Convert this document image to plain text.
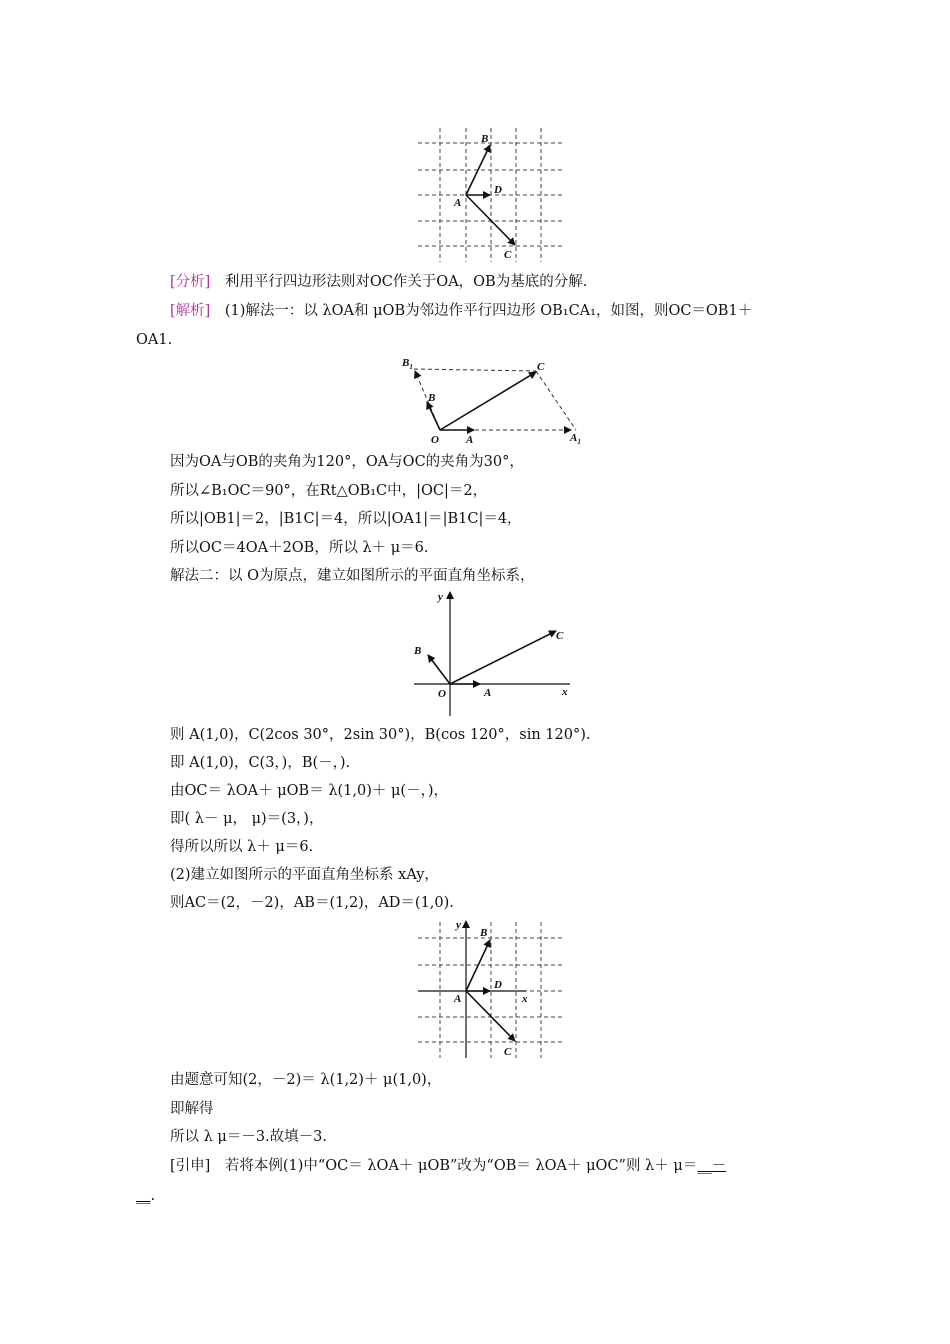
B
A
D
C
[分析]　利用平行四边形法则对OC作关于OA，OB为基底的分解.
[解析]　(1)解法一：以 λOA和 μOB为邻边作平行四边形 OB₁CA₁，如图，则OC＝OB1＋
OA1.
$B_1$	C
B
O A	$A_1$
因为OA与OB的夹角为120°，OA与OC的夹角为30°，
所以∠B₁OC＝90°，在Rt△OB₁C中，|OC|＝2，
所以|OB1|＝2，|B1C|＝4，所以|OA1|＝|B1C|＝4，
所以OC＝4OA＋2OB，所以 λ＋ μ＝6.
解法二：以 O为原点，建立如图所示的平面直角坐标系，
y
C
B
O	A	x
则 A(1,0)，C(2cos 30°，2sin 30°)，B(cos 120°，sin 120°).
即 A(1,0)，C(3，)，B(－，).
由OC＝ λOA＋ μOB＝ λ(1,0)＋ μ(－，)，
即( λ－ μ， μ)＝(3，)，
得所以所以 λ＋ μ＝6.
(2)建立如图所示的平面直角坐标系 xAy，
则AC＝(2，－2)，AB＝(1,2)，AD＝(1,0).
y
B
D
A	x
C
由题意可知(2，－2)＝ λ(1,2)＋ μ(1,0)，
即解得
所以 λ μ＝－3.故填－3.
[引申]　若将本例(1)中“OC＝ λOA＋ μOB”改为“OB＝ λOA＋ μOC”则 λ＋ μ＝__－
__.
